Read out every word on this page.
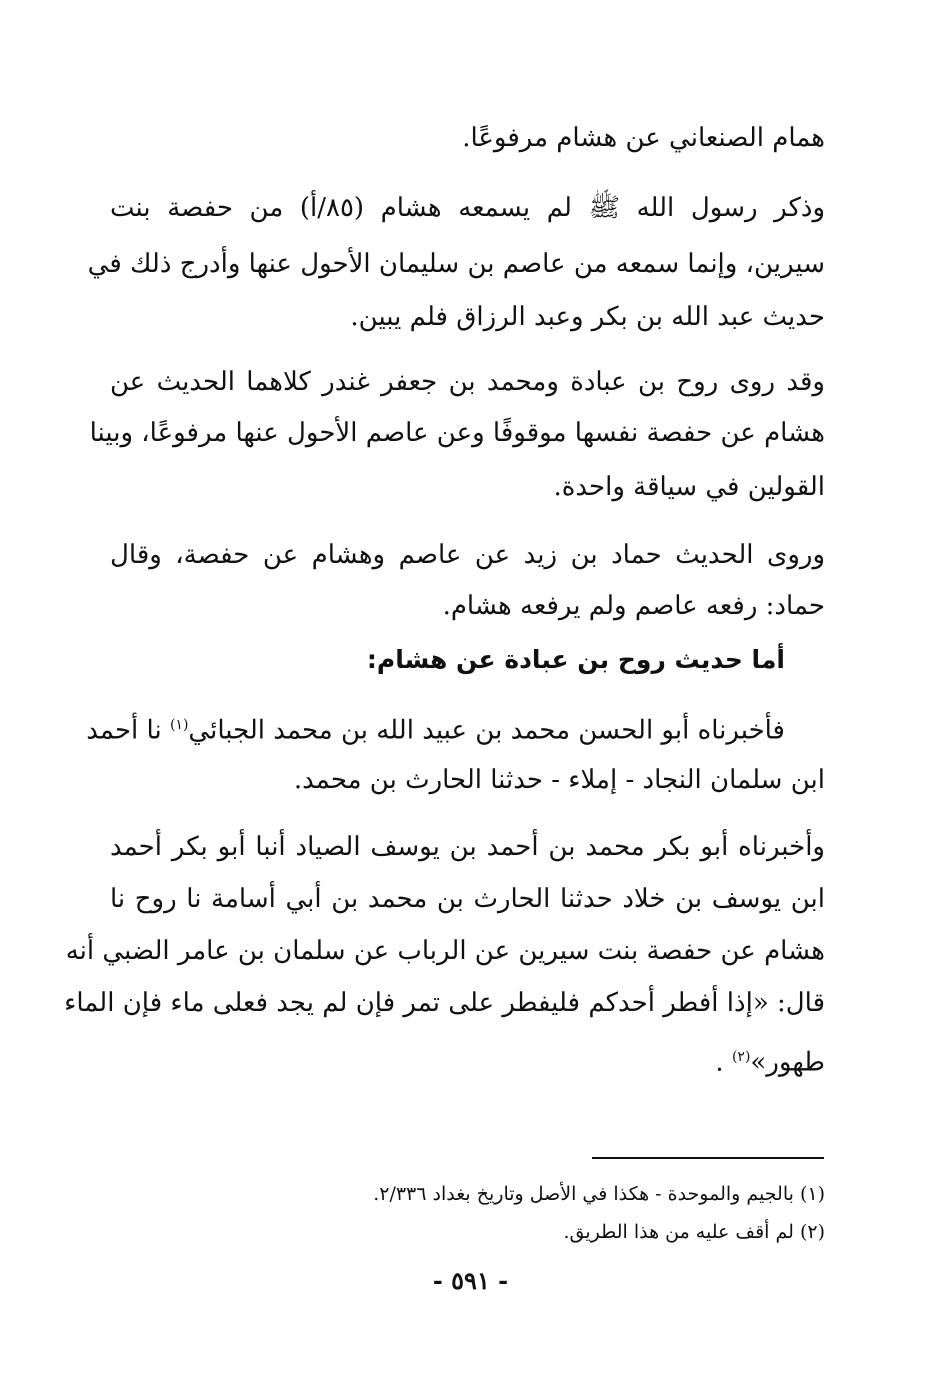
همام الصنعاني عن هشام مرفوعًا.
وذكر رسول الله ﷺ لم يسمعه هشام (٨٥/أ) من حفصة بنت
سيرين، وإنما سمعه من عاصم بن سليمان الأحول عنها وأدرج ذلك في
حديث عبد الله بن بكر وعبد الرزاق فلم يبين.
وقد روى روح بن عبادة ومحمد بن جعفر غندر كلاهما الحديث عن
هشام عن حفصة نفسها موقوفًا وعن عاصم الأحول عنها مرفوعًا، وبينا
القولين في سياقة واحدة.
وروى الحديث حماد بن زيد عن عاصم وهشام عن حفصة، وقال
حماد: رفعه عاصم ولم يرفعه هشام.
أما حديث روح بن عبادة عن هشام:
فأخبرناه أبو الحسن محمد بن عبيد الله بن محمد الجبائي$^{(١)}$ نا أحمد
ابن سلمان النجاد - إملاء - حدثنا الحارث بن محمد.
وأخبرناه أبو بكر محمد بن أحمد بن يوسف الصياد أنبا أبو بكر أحمد
ابن يوسف بن خلاد حدثنا الحارث بن محمد بن أبي أسامة نا روح نا
هشام عن حفصة بنت سيرين عن الرباب عن سلمان بن عامر الضبي أنه
قال: «إذا أفطر أحدكم فليفطر على تمر فإن لم يجد فعلى ماء فإن الماء
طهور»$^{(٢)}$ .
(١) بالجيم والموحدة - هكذا في الأصل وتاريخ بغداد ٢/٣٣٦.
(٢) لم أقف عليه من هذا الطريق.
- ٥٩١ -
